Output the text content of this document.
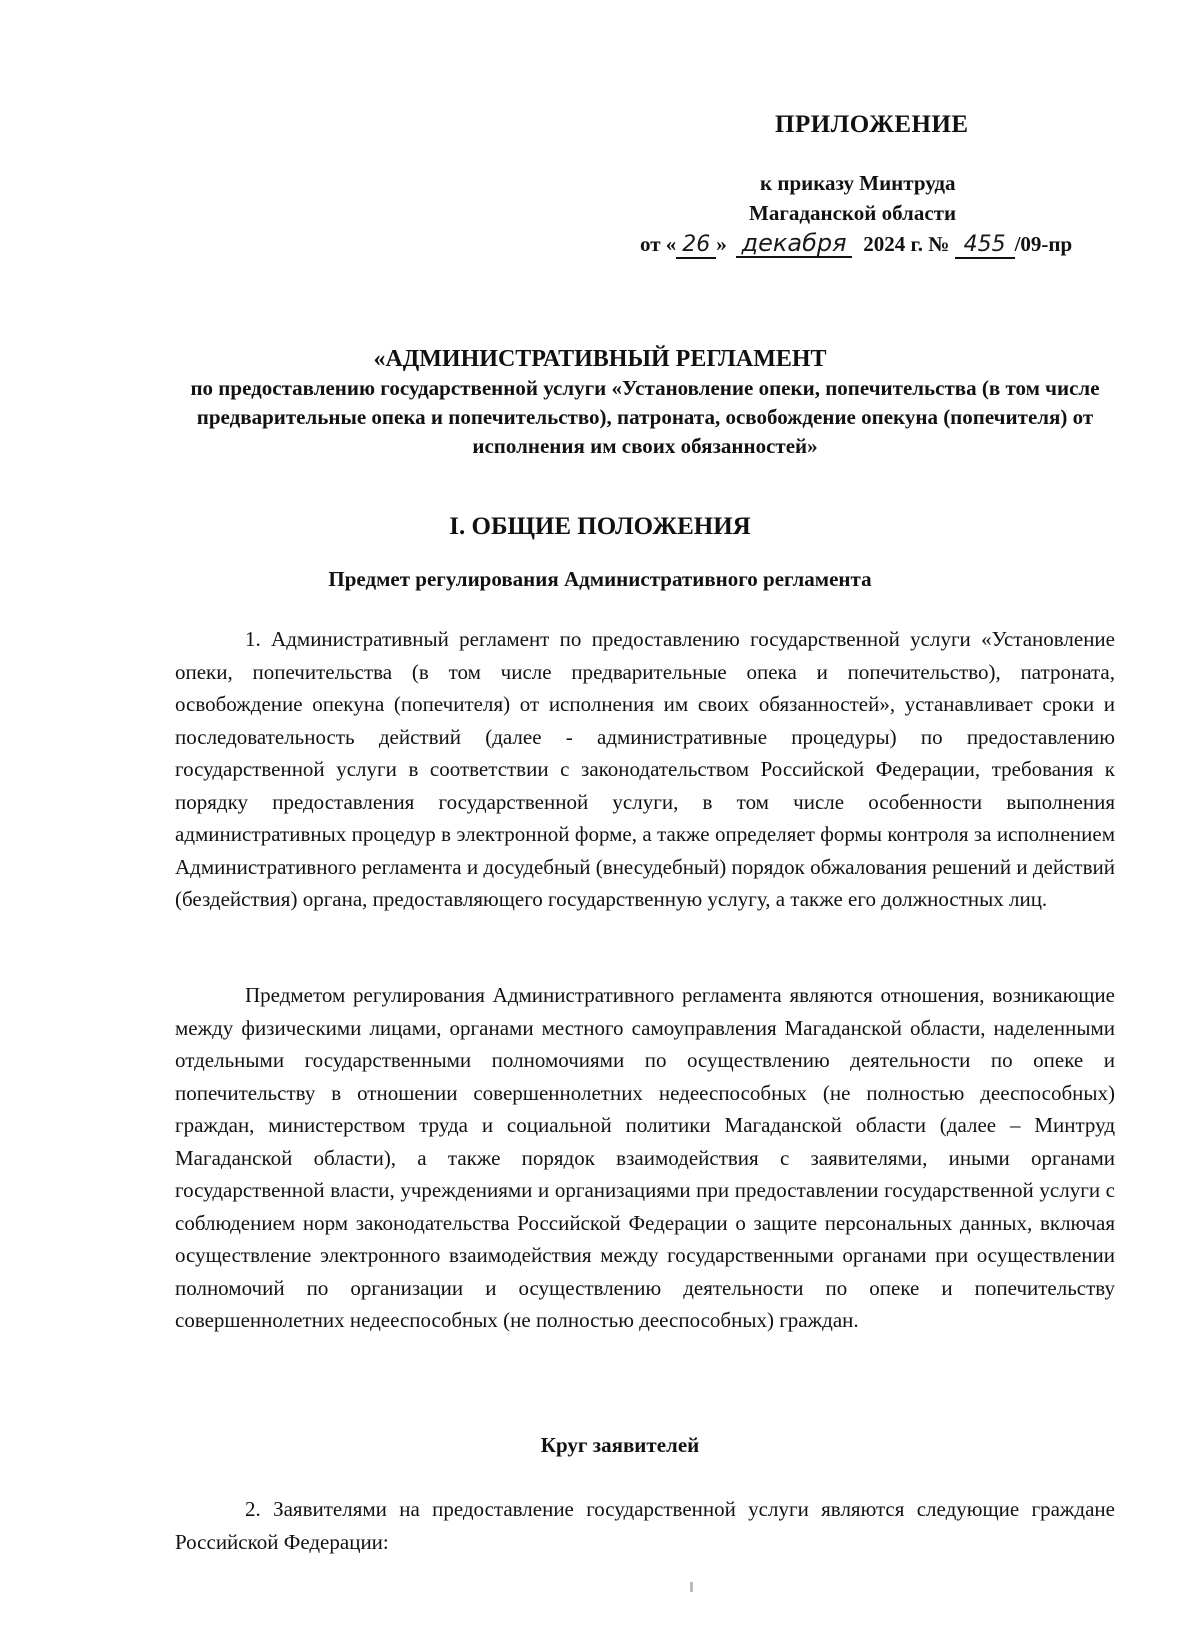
ПРИЛОЖЕНИЕ
к приказу Минтруда
Магаданской области
от « 26 » декабря 2024 г. № 455 /09-пр
«АДМИНИСТРАТИВНЫЙ РЕГЛАМЕНТ
по предоставлению государственной услуги «Установление опеки, попечительства (в том числе предварительные опека и попечительство), патроната, освобождение опекуна (попечителя) от исполнения им своих обязанностей»
I. ОБЩИЕ ПОЛОЖЕНИЯ
Предмет регулирования Административного регламента

1. Административный регламент по предоставлению государственной услуги «Установление опеки, попечительства (в том числе предварительные опека и попечительство), патроната, освобождение опекуна (попечителя) от исполнения им своих обязанностей», устанавливает сроки и последовательность действий (далее - административные процедуры) по предоставлению государственной услуги в соответствии с законодательством Российской Федерации, требования к порядку предоставления государственной услуги, в том числе особенности выполнения административных процедур в электронной форме, а также определяет формы контроля за исполнением Административного регламента и досудебный (внесудебный) порядок обжалования решений и действий (бездействия) органа, предоставляющего государственную услугу, а также его должностных лиц.

Предметом регулирования Административного регламента являются отношения, возникающие между физическими лицами, органами местного самоуправления Магаданской области, наделенными отдельными государственными полномочиями по осуществлению деятельности по опеке и попечительству в отношении совершеннолетних недееспособных (не полностью дееспособных) граждан, министерством труда и социальной политики Магаданской области (далее – Минтруд Магаданской области), а также порядок взаимодействия с заявителями, иными органами государственной власти, учреждениями и организациями при предоставлении государственной услуги с соблюдением норм законодательства Российской Федерации о защите персональных данных, включая осуществление электронного взаимодействия между государственными органами при осуществлении полномочий по организации и осуществлению деятельности по опеке и попечительству совершеннолетних недееспособных (не полностью дееспособных) граждан.

Круг заявителей

2. Заявителями на предоставление государственной услуги являются следующие граждане Российской Федерации:
